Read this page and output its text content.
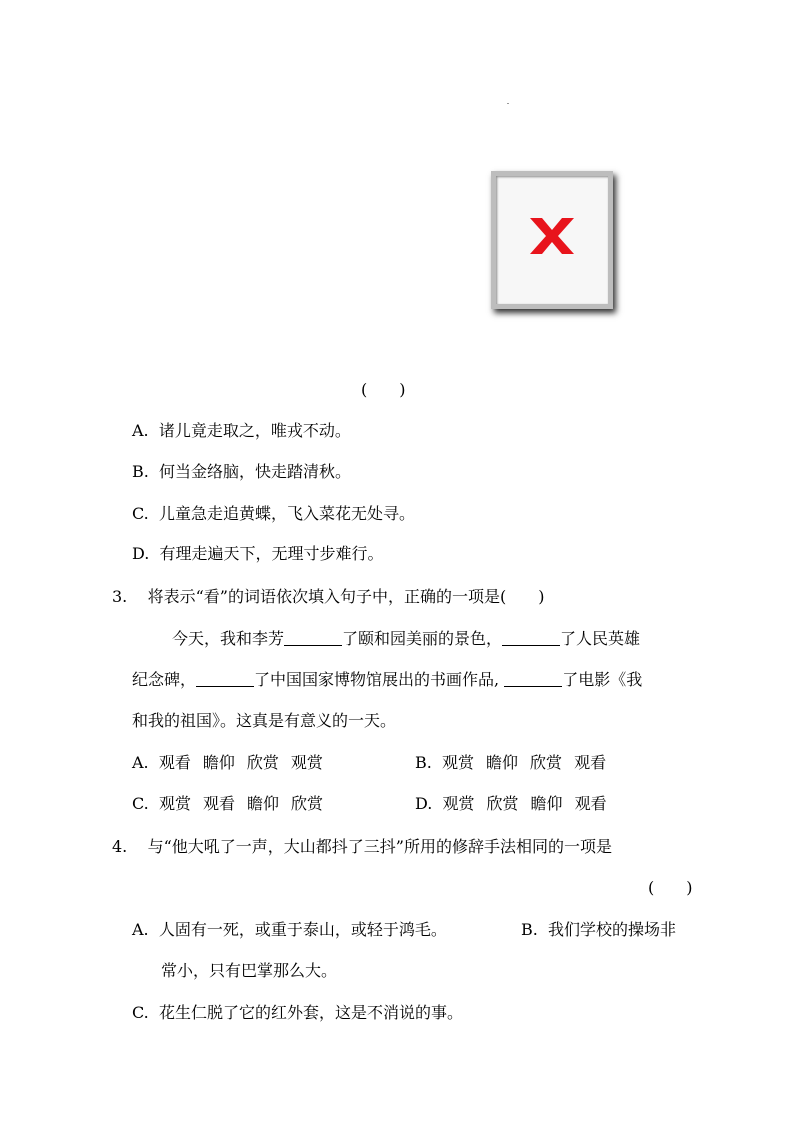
(　　)
A. 诸儿竟走取之，唯戎不动。
B. 何当金络脑，快走踏清秋。
C. 儿童急走追黄蝶，飞入菜花无处寻。
D. 有理走遍天下，无理寸步难行。
3. 将表示“看”的词语依次填入句子中，正确的一项是(　　)
今天，我和李芳	了颐和园美丽的景色，	了人民英雄
纪念碑，	了中国国家博物馆展出的书画作品,	了电影《我
和我的祖国》。这真是有意义的一天。
A. 观看 瞻仰 欣赏 观赏	B. 观赏 瞻仰 欣赏 观看
C. 观赏 观看 瞻仰 欣赏	D. 观赏 欣赏 瞻仰 观看
4. 与“他大吼了一声，大山都抖了三抖”所用的修辞手法相同的一项是
(　　)
A. 人固有一死，或重于泰山，或轻于鸿毛。	B. 我们学校的操场非
常小，只有巴掌那么大。
C. 花生仁脱了它的红外套，这是不消说的事。
